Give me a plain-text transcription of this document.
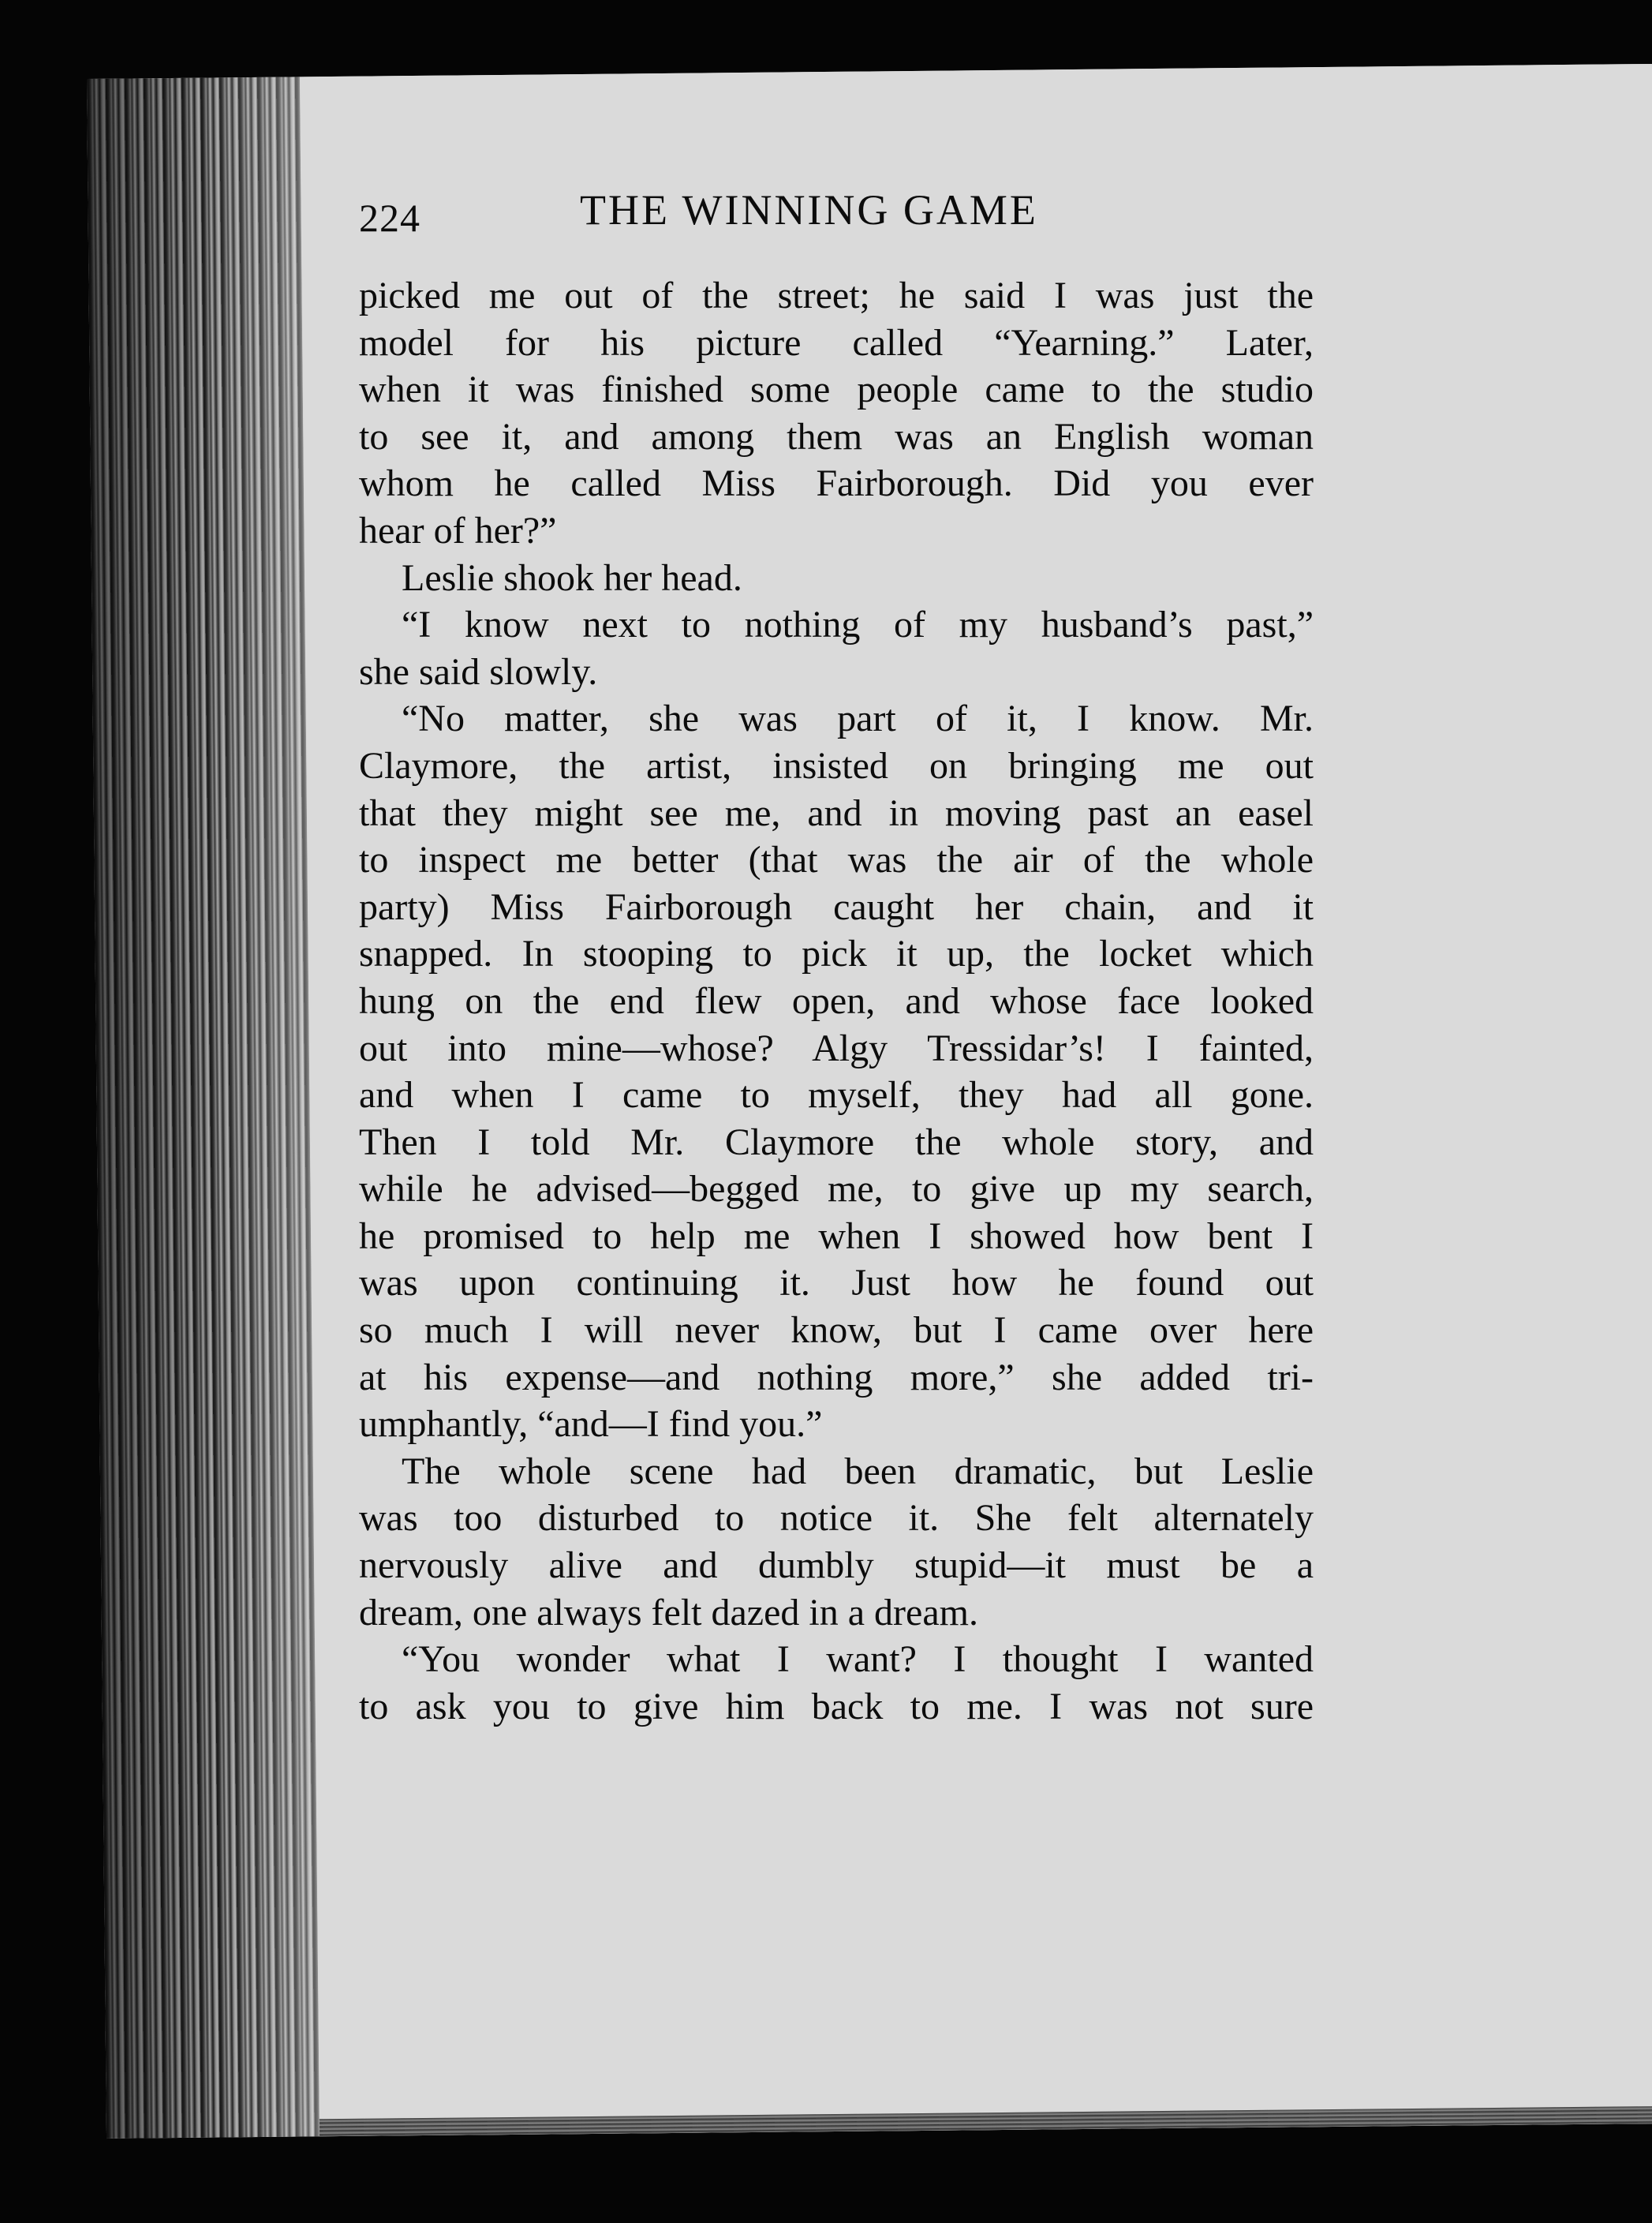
224	THE WINNING GAME
picked me out of the street; he said I was just the
model for his picture called “Yearning.” Later,
when it was finished some people came to the studio
to see it, and among them was an English woman
whom he called Miss Fairborough. Did you ever
hear of her?”
Leslie shook her head.
“I know next to nothing of my husband’s past,”
she said slowly.
“No matter, she was part of it, I know. Mr.
Claymore, the artist, insisted on bringing me out
that they might see me, and in moving past an easel
to inspect me better (that was the air of the whole
party) Miss Fairborough caught her chain, and it
snapped. In stooping to pick it up, the locket which
hung on the end flew open, and whose face looked
out into mine—whose? Algy Tressidar’s! I fainted,
and when I came to myself, they had all gone.
Then I told Mr. Claymore the whole story, and
while he advised—begged me, to give up my search,
he promised to help me when I showed how bent I
was upon continuing it. Just how he found out
so much I will never know, but I came over here
at his expense—and nothing more,” she added tri-
umphantly, “and—I find you.”
The whole scene had been dramatic, but Leslie
was too disturbed to notice it. She felt alternately
nervously alive and dumbly stupid—it must be a
dream, one always felt dazed in a dream.
“You wonder what I want? I thought I wanted
to ask you to give him back to me. I was not sure
